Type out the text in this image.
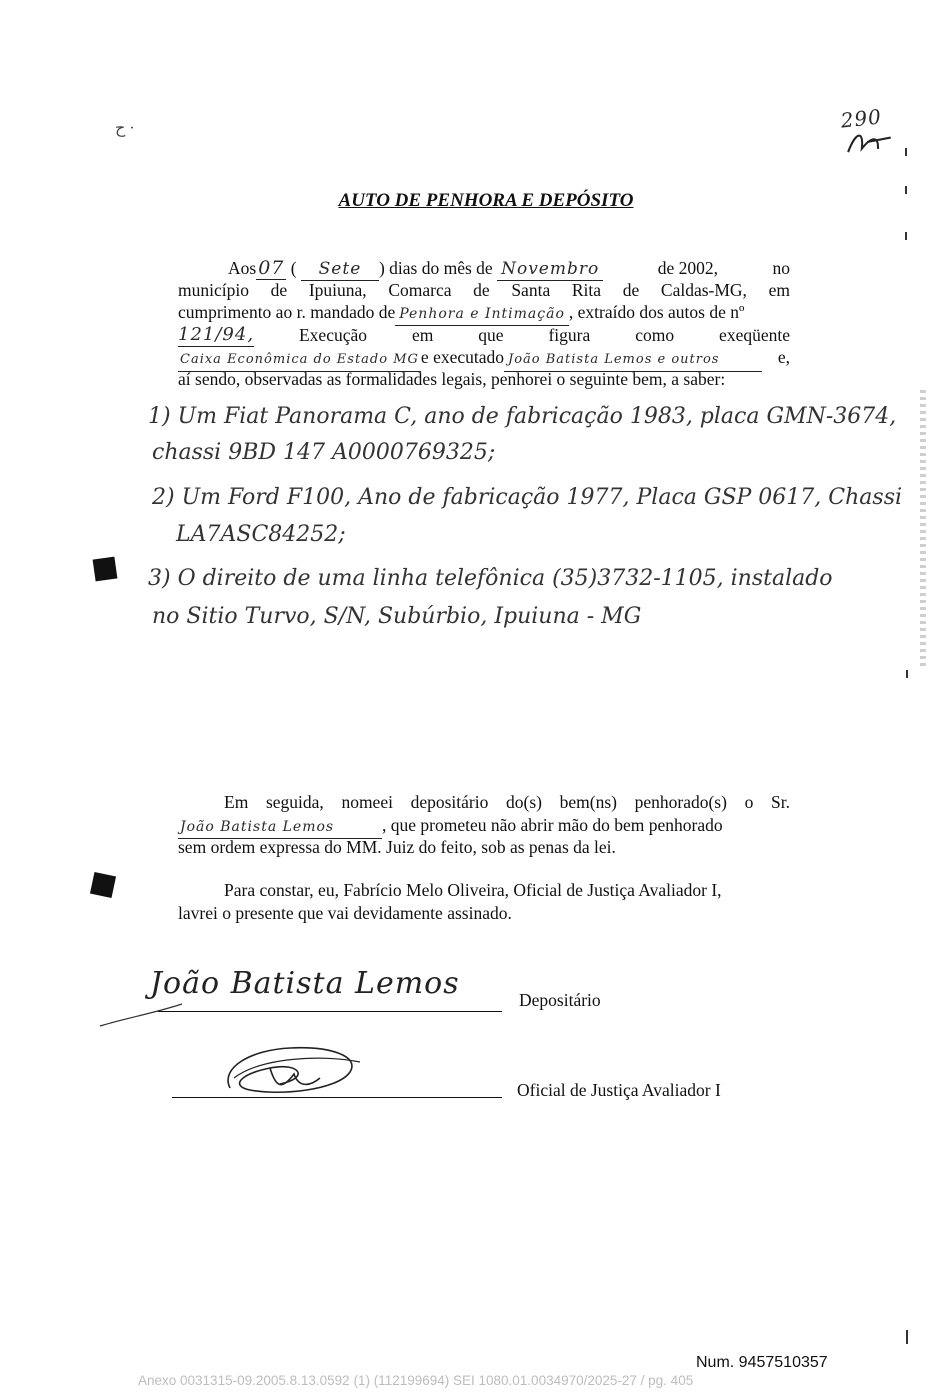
ح ·	290
AUTO DE PENHORA E DEPÓSITO
Aos 07 ( Sete ) dias do mês de Novembro	de 2002,	no
município de Ipuiuna, Comarca de Santa Rita de Caldas-MG, em
cumprimento ao r. mandado de Penhora e Intimação , extraído dos autos de nº
121/94,	Execução	em	que	figura	como	exeqüente
Caixa Econômica do Estado MG e executado João Batista Lemos e outros	e,
aí sendo, observadas as formalidades legais, penhorei o seguinte bem, a saber:
1) Um Fiat Panorama C, ano de fabricação 1983, placa GMN-3674,
chassi 9BD 147 A0000769325;
2) Um Ford F100, Ano de fabricação 1977, Placa GSP 0617, Chassi
LA7ASC84252;
3) O direito de uma linha telefônica (35)3732-1105, instalado
no Sitio Turvo, S/N, Subúrbio, Ipuiuna - MG
Em seguida, nomeei depositário do(s) bem(ns) penhorado(s) o Sr.
João Batista Lemos	, que prometeu não abrir mão do bem penhorado
sem ordem expressa do MM. Juiz do feito, sob as penas da lei.
Para constar, eu, Fabrício Melo Oliveira, Oficial de Justiça Avaliador I,
lavrei o presente que vai devidamente assinado.
João Batista Lemos	Depositário
Oficial de Justiça Avaliador I
Num. 9457510357
Anexo 0031315-09.2005.8.13.0592 (1) (112199694) SEI 1080.01.0034970/2025-27 / pg. 405
